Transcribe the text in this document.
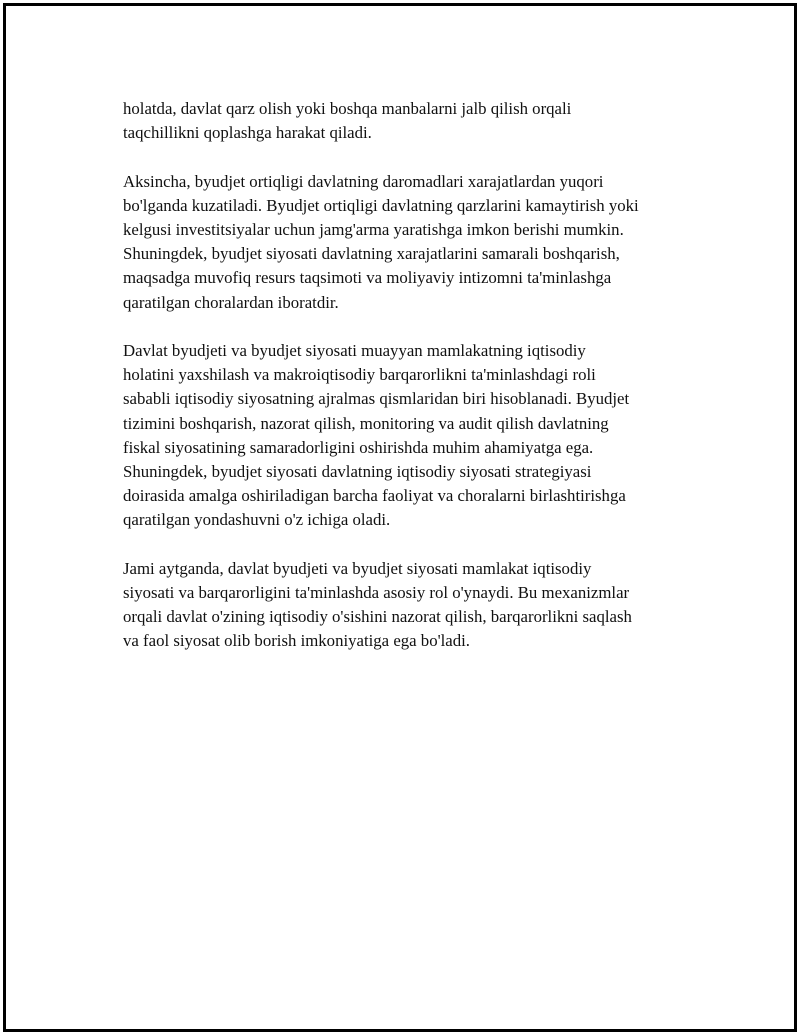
holatda, davlat qarz olish yoki boshqa manbalarni jalb qilish orqali
taqchillikni qoplashga harakat qiladi.

Aksincha, byudjet ortiqligi davlatning daromadlari xarajatlardan yuqori
bo'lganda kuzatiladi. Byudjet ortiqligi davlatning qarzlarini kamaytirish yoki
kelgusi investitsiyalar uchun jamg'arma yaratishga imkon berishi mumkin.
Shuningdek, byudjet siyosati davlatning xarajatlarini samarali boshqarish,
maqsadga muvofiq resurs taqsimoti va moliyaviy intizomni ta'minlashga
qaratilgan choralardan iboratdir.

Davlat byudjeti va byudjet siyosati muayyan mamlakatning iqtisodiy
holatini yaxshilash va makroiqtisodiy barqarorlikni ta'minlashdagi roli
sababli iqtisodiy siyosatning ajralmas qismlaridan biri hisoblanadi. Byudjet
tizimini boshqarish, nazorat qilish, monitoring va audit qilish davlatning
fiskal siyosatining samaradorligini oshirishda muhim ahamiyatga ega.
Shuningdek, byudjet siyosati davlatning iqtisodiy siyosati strategiyasi
doirasida amalga oshiriladigan barcha faoliyat va choralarni birlashtirishga
qaratilgan yondashuvni o'z ichiga oladi.

Jami aytganda, davlat byudjeti va byudjet siyosati mamlakat iqtisodiy
siyosati va barqarorligini ta'minlashda asosiy rol o'ynaydi. Bu mexanizmlar
orqali davlat o'zining iqtisodiy o'sishini nazorat qilish, barqarorlikni saqlash
va faol siyosat olib borish imkoniyatiga ega bo'ladi.
